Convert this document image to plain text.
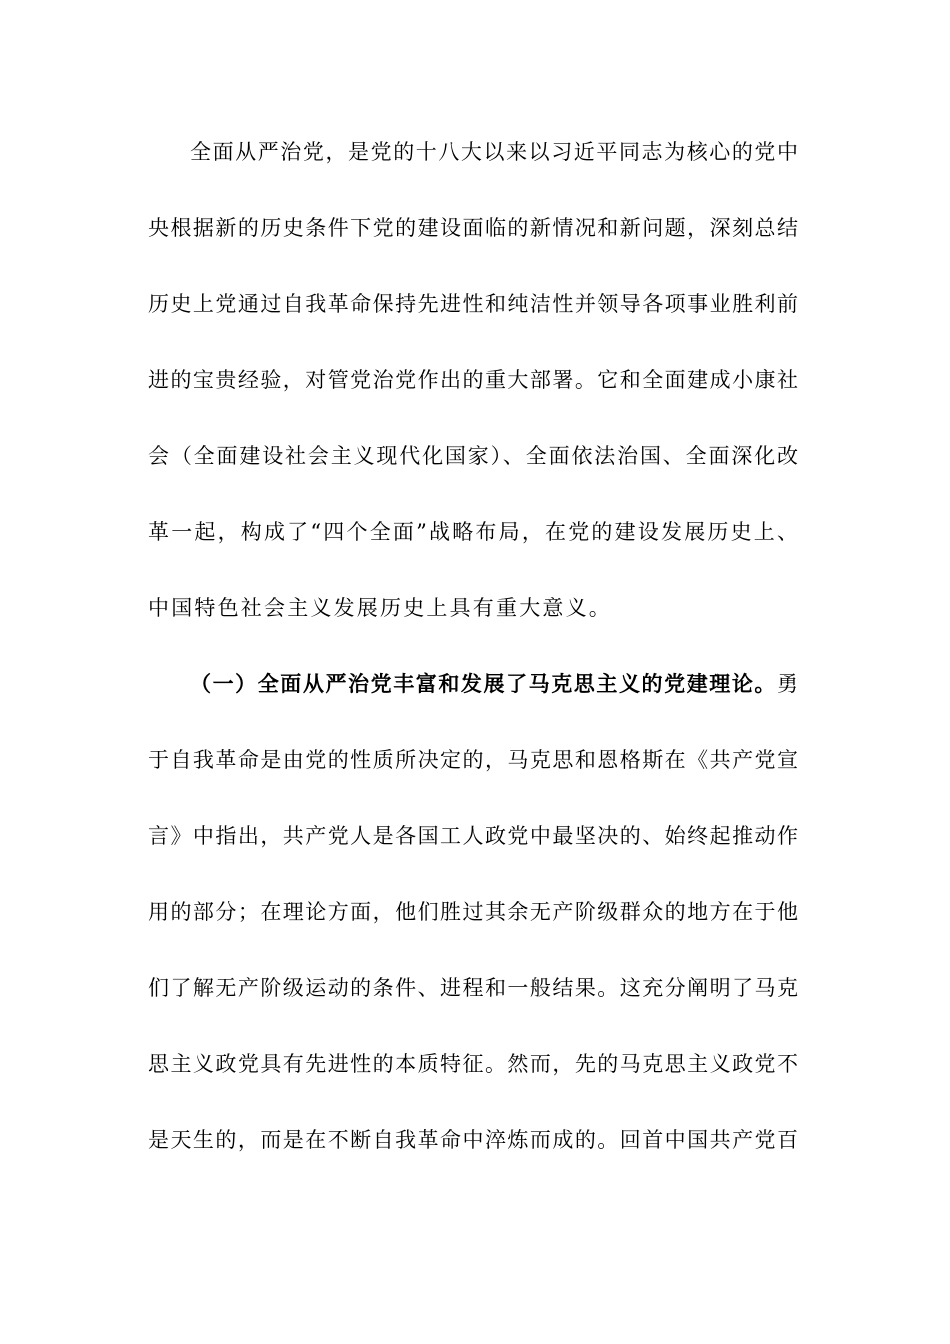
全面从严治党，是党的十八大以来以习近平同志为核心的党中
央根据新的历史条件下党的建设面临的新情况和新问题，深刻总结
历史上党通过自我革命保持先进性和纯洁性并领导各项事业胜利前
进的宝贵经验，对管党治党作出的重大部署。它和全面建成小康社
会（全面建设社会主义现代化国家）、全面依法治国、全面深化改
革一起，构成了“四个全面”战略布局，在党的建设发展历史上、
中国特色社会主义发展历史上具有重大意义。
（一）全面从严治党丰富和发展了马克思主义的党建理论。勇
于自我革命是由党的性质所决定的，马克思和恩格斯在《共产党宣
言》中指出，共产党人是各国工人政党中最坚决的、始终起推动作
用的部分；在理论方面，他们胜过其余无产阶级群众的地方在于他
们了解无产阶级运动的条件、进程和一般结果。这充分阐明了马克
思主义政党具有先进性的本质特征。然而，先的马克思主义政党不
是天生的，而是在不断自我革命中淬炼而成的。回首中国共产党百
